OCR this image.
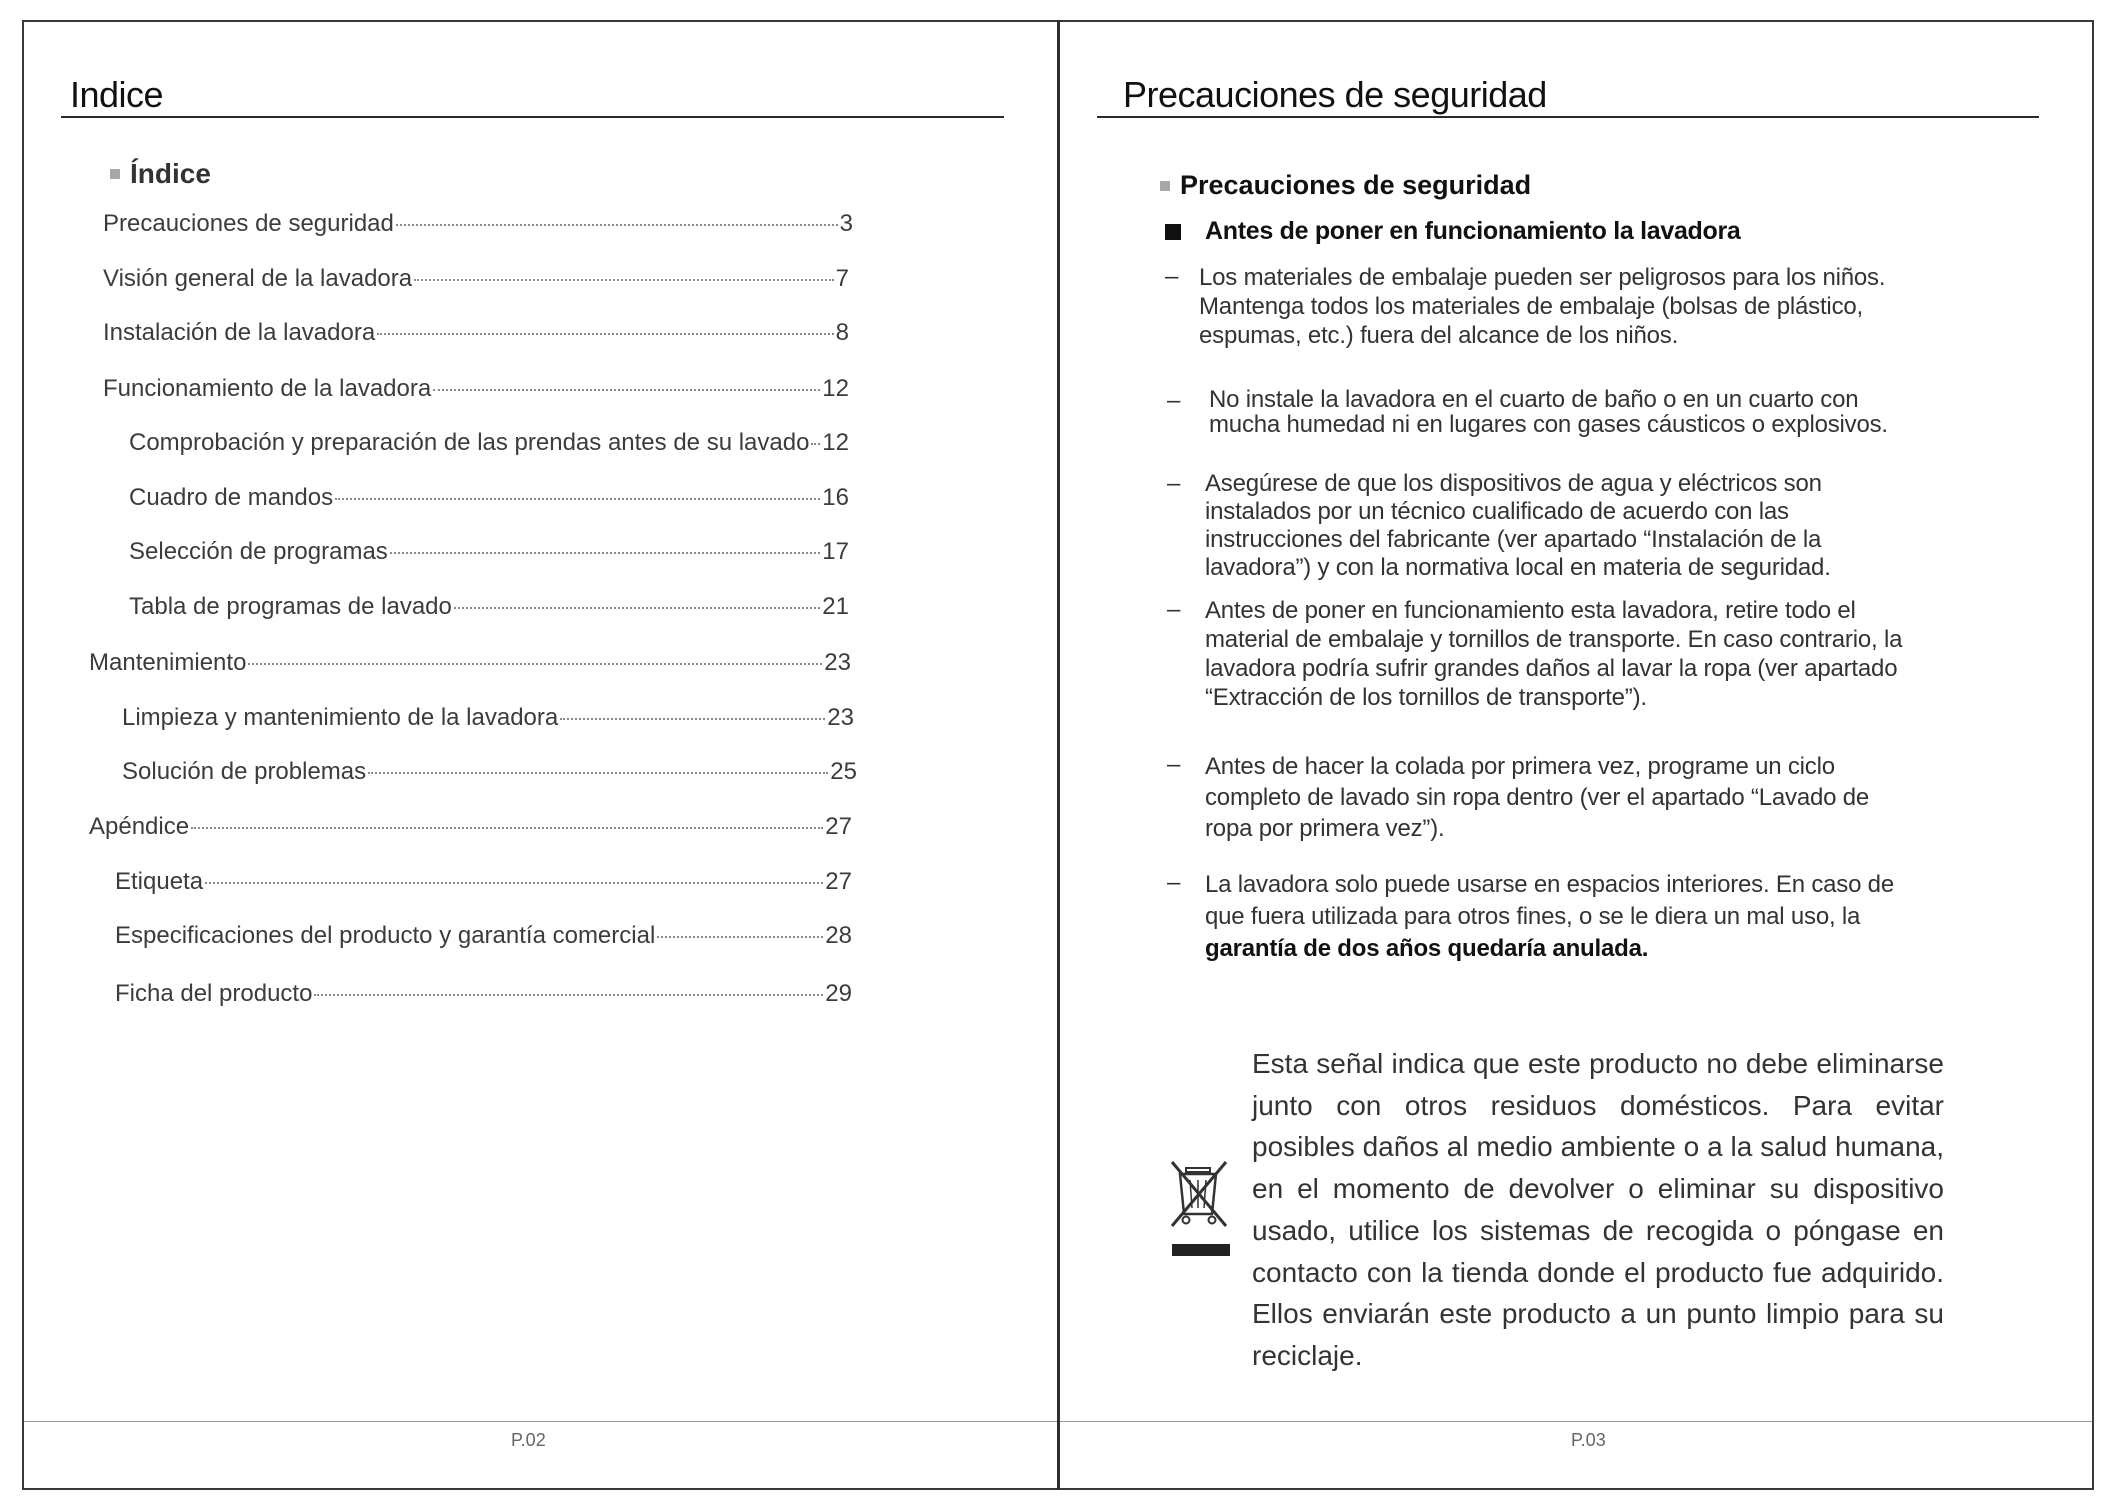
Indice
Índice
Precauciones de seguridad	3
Visión general de la lavadora	7
Instalación de la lavadora	8
Funcionamiento de la lavadora	12
Comprobación y preparación de las prendas antes de su lavado 12
Cuadro de mandos	16
Selección de programas	17
Tabla de programas de lavado	21
Mantenimiento	23
Limpieza y mantenimiento de la lavadora	23
Solución de problemas	25
Apéndice	27
Etiqueta	27
Especificaciones del producto y garantía comercial	28
Ficha del producto	29
P.02
Precauciones de seguridad
Precauciones de seguridad
Antes de poner en funcionamiento la lavadora
– Los materiales de embalaje pueden ser peligrosos para los niños.
Mantenga todos los materiales de embalaje (bolsas de plástico,
espumas, etc.) fuera del alcance de los niños.
– No instale la lavadora en el cuarto de baño o en un cuarto con
mucha humedad ni en lugares con gases cáusticos o explosivos.
– Asegúrese de que los dispositivos de agua y eléctricos son
instalados por un técnico cualificado de acuerdo con las
instrucciones del fabricante (ver apartado “Instalación de la
lavadora”) y con la normativa local en materia de seguridad.
– Antes de poner en funcionamiento esta lavadora, retire todo el
material de embalaje y tornillos de transporte. En caso contrario, la
lavadora podría sufrir grandes daños al lavar la ropa (ver apartado
“Extracción de los tornillos de transporte”).
– Antes de hacer la colada por primera vez, programe un ciclo
completo de lavado sin ropa dentro (ver el apartado “Lavado de
ropa por primera vez”).
– La lavadora solo puede usarse en espacios interiores. En caso de
que fuera utilizada para otros fines, o se le diera un mal uso, la
garantía de dos años quedaría anulada.
Esta señal indica que este producto no debe eliminarse junto con otros residuos domésticos. Para evitar posibles daños al medio ambiente o a la salud humana, en el momento de devolver o eliminar su dispositivo usado, utilice los sistemas de recogida o póngase en contacto con la tienda donde el producto fue adquirido. Ellos enviarán este producto a un punto limpio para su reciclaje.
P.03
